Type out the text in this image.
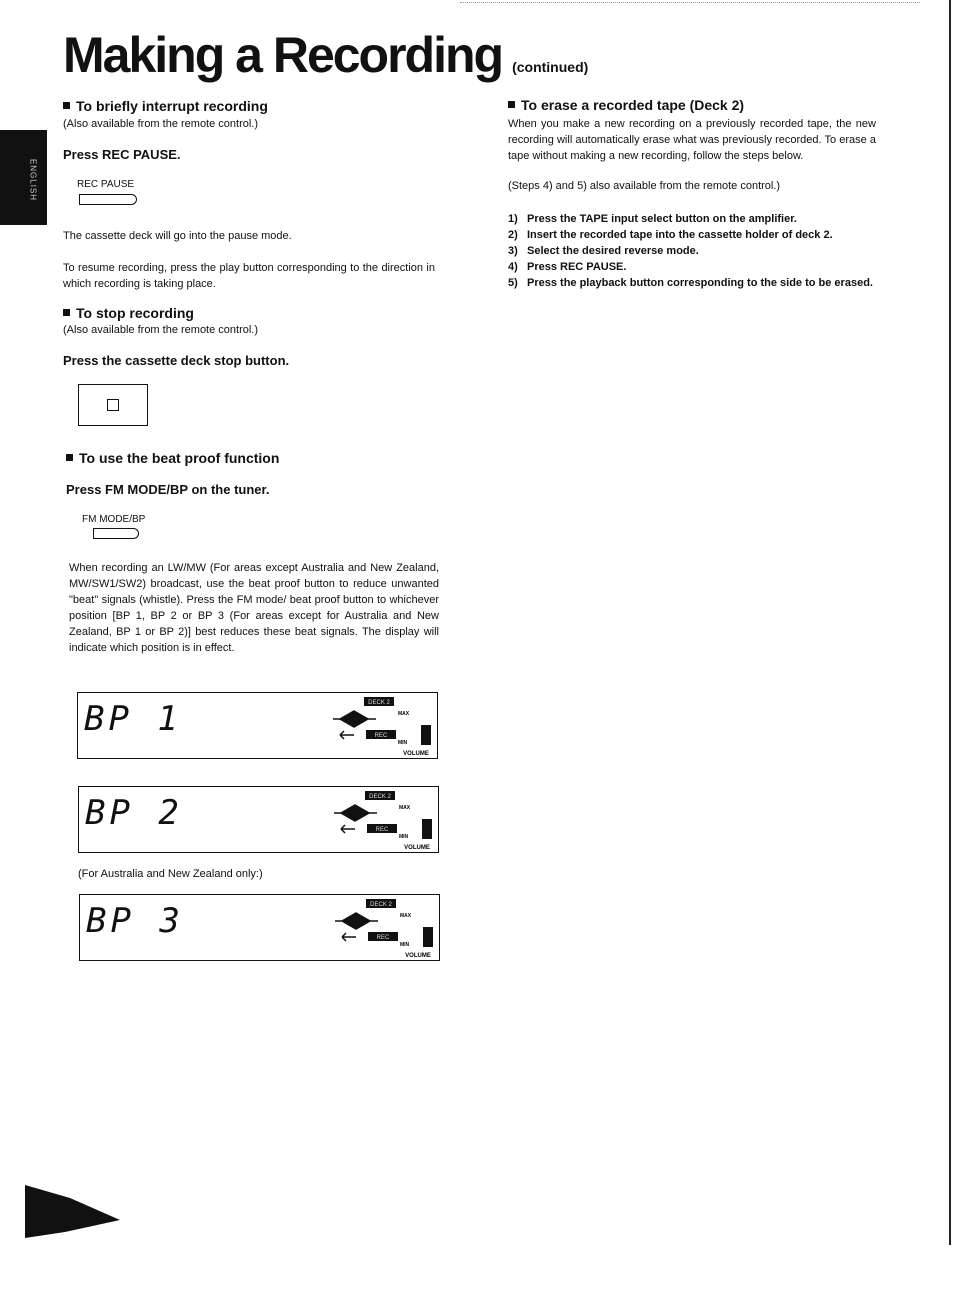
ENGLISH
Making a Recording (continued)
To briefly interrupt recording
(Also available from the remote control.)
Press REC PAUSE.
REC PAUSE
The cassette deck will go into the pause mode.
To resume recording, press the play button corresponding to the direction in which recording is taking place.
To stop recording
(Also available from the remote control.)
Press the cassette deck stop button.
To use the beat proof function
Press FM MODE/BP on the tuner.
FM MODE/BP
When recording an LW/MW (For areas except Australia and New Zealand, MW/SW1/SW2) broadcast, use the beat proof button to reduce unwanted "beat" signals (whistle). Press the FM mode/ beat proof button to whichever position [BP 1, BP 2 or BP 3 (For areas except for Australia and New Zealand, BP 1 or BP 2)] best reduces these beat signals. The display will indicate which position is in effect.
BP 1	DECK 2
REC
MAX
MIN
VOLUME
BP 2	DECK 2
REC
MAX
MIN
VOLUME
(For Australia and New Zealand only:)
BP 3	DECK 2
REC
MAX
MIN
VOLUME
To erase a recorded tape (Deck 2)
When you make a new recording on a previously recorded tape, the new recording will automatically erase what was previously recorded. To erase a tape without making a new recording, follow the steps below.
(Steps 4) and 5) also available from the remote control.)
1) Press the TAPE input select button on the amplifier.
2) Insert the recorded tape into the cassette holder of deck 2.
3) Select the desired reverse mode.
4) Press REC PAUSE.
5) Press the playback button corresponding to the side to be erased.
